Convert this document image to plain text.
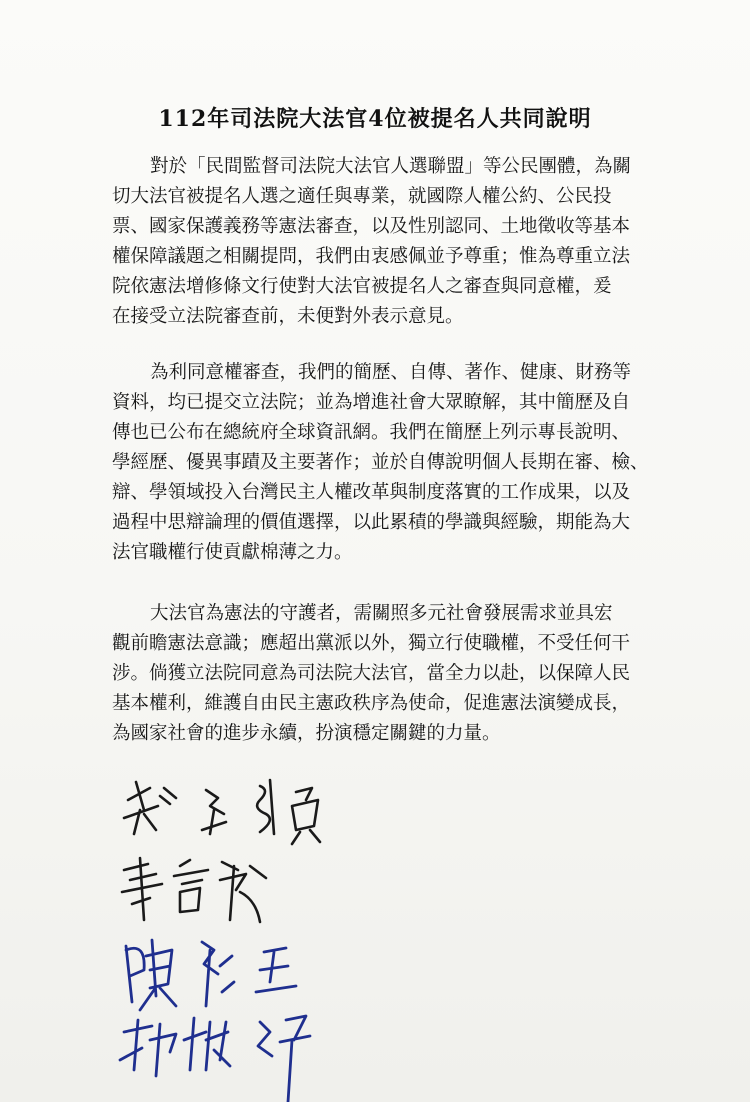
112年司法院大法官4位被提名人共同說明
對於「民間監督司法院大法官人選聯盟」等公民團體，為關
切大法官被提名人選之適任與專業，就國際人權公約、公民投
票、國家保護義務等憲法審查，以及性別認同、土地徵收等基本
權保障議題之相關提問，我們由衷感佩並予尊重；惟為尊重立法
院依憲法增修條文行使對大法官被提名人之審查與同意權，爰
在接受立法院審查前，未便對外表示意見。
為利同意權審查，我們的簡歷、自傳、著作、健康、財務等
資料，均已提交立法院；並為增進社會大眾瞭解，其中簡歷及自
傳也已公布在總統府全球資訊網。我們在簡歷上列示專長說明、
學經歷、優異事蹟及主要著作；並於自傳說明個人長期在審、檢、
辯、學領域投入台灣民主人權改革與制度落實的工作成果，以及
過程中思辯論理的價值選擇，以此累積的學識與經驗，期能為大
法官職權行使貢獻棉薄之力。
大法官為憲法的守護者，需關照多元社會發展需求並具宏
觀前瞻憲法意識；應超出黨派以外，獨立行使職權，不受任何干
涉。倘獲立法院同意為司法院大法官，當全力以赴，以保障人民
基本權利，維護自由民主憲政秩序為使命，促進憲法演變成長，
為國家社會的進步永續，扮演穩定關鍵的力量。
